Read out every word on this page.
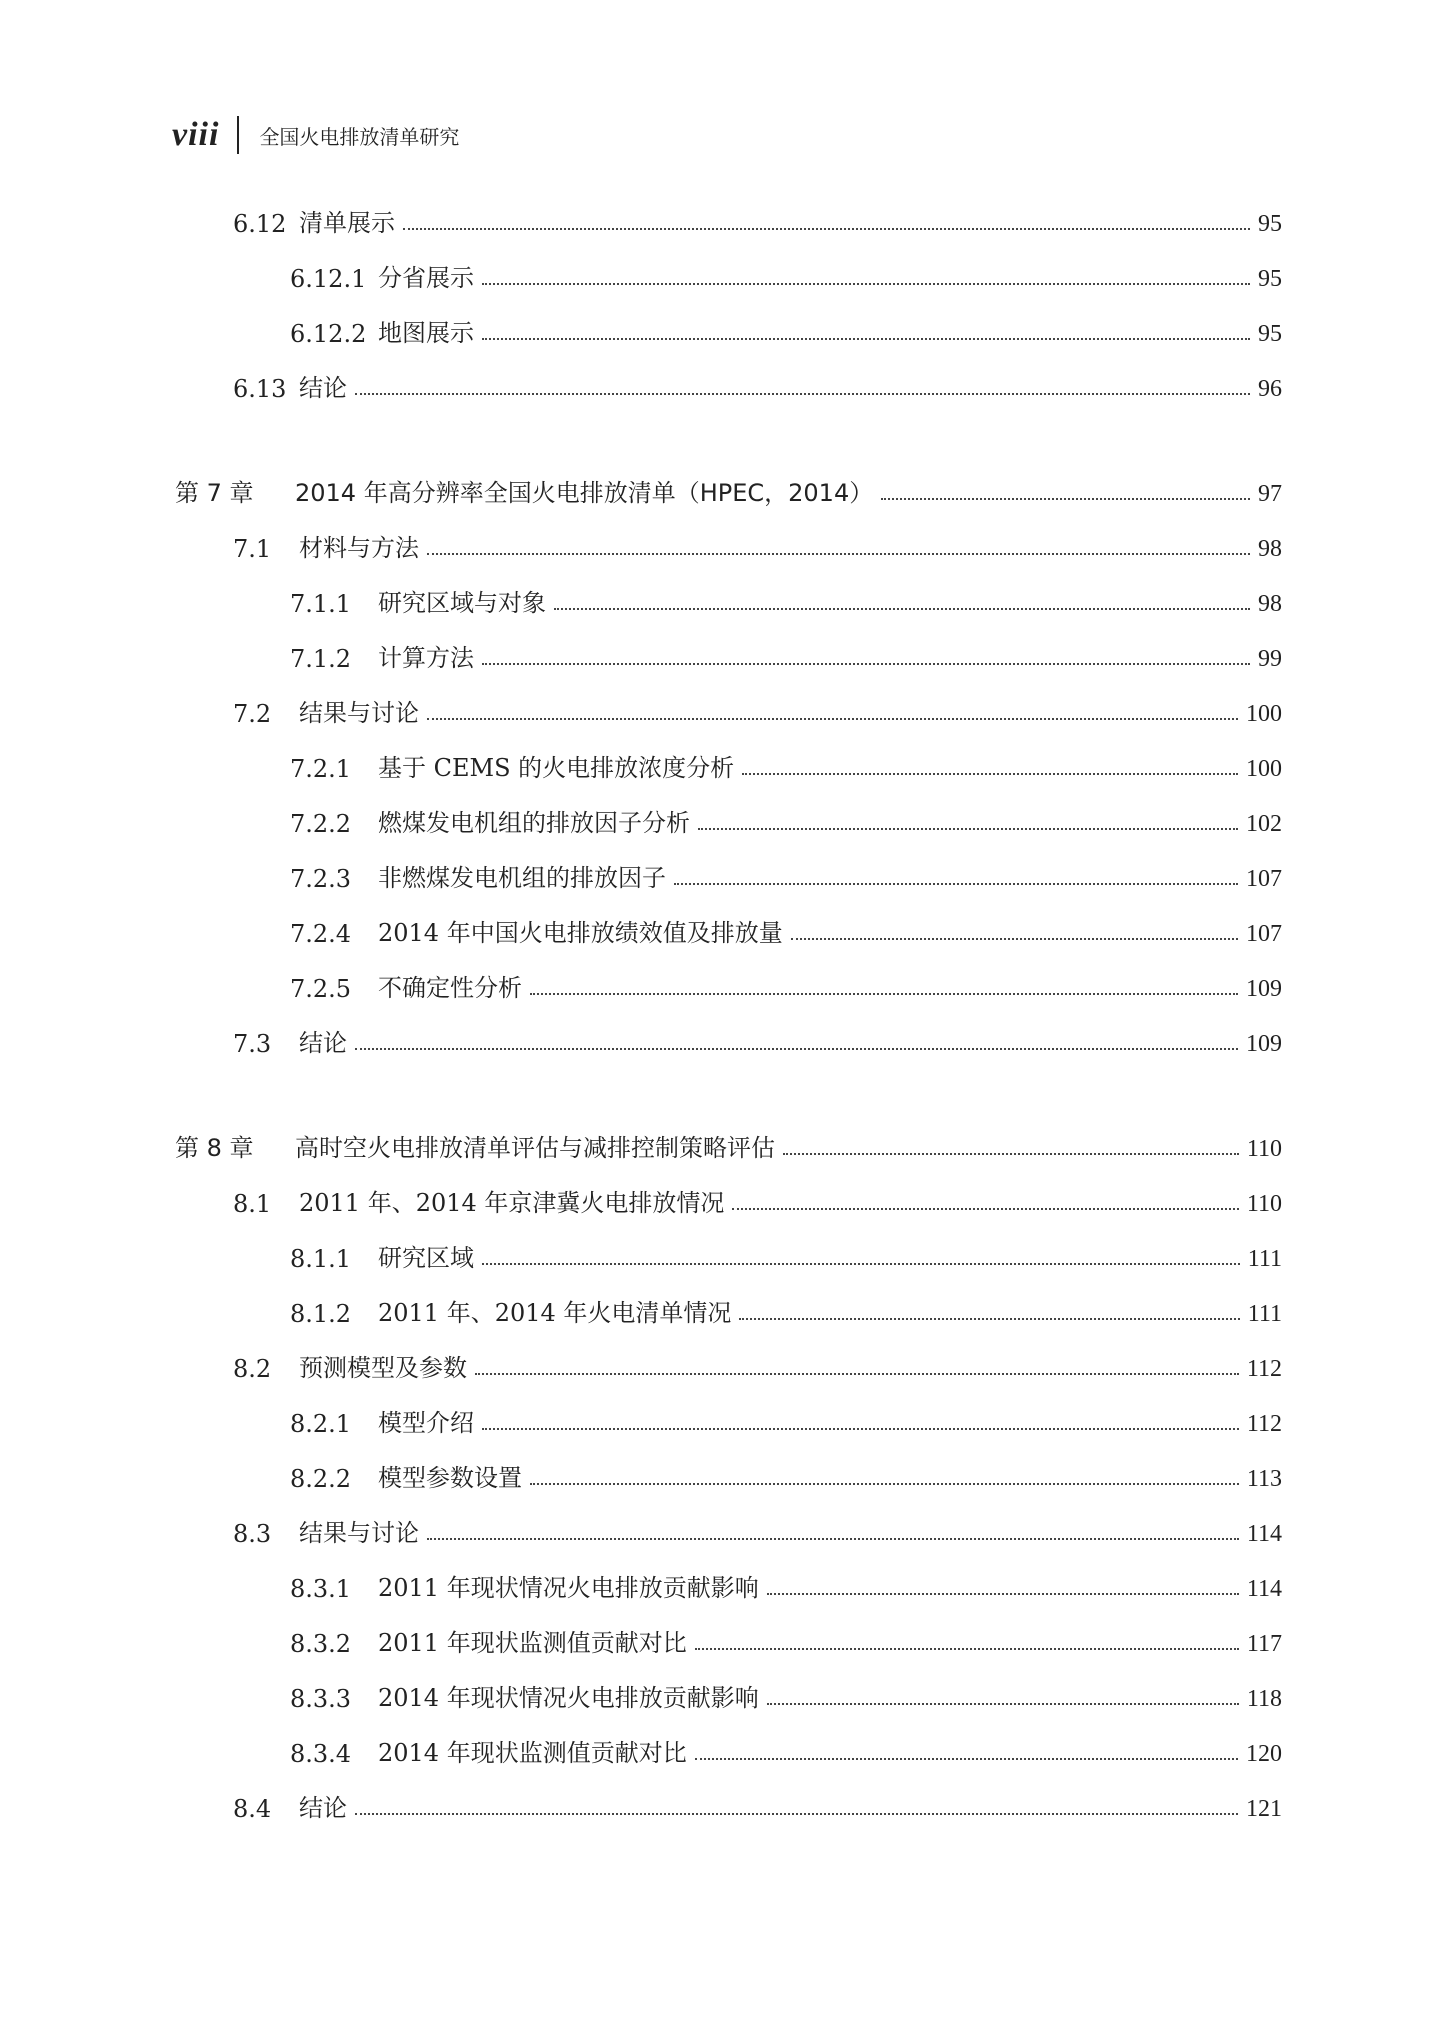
viii 全国火电排放清单研究
6.12 清单展示	95
6.12.1 分省展示	95
6.12.2 地图展示	95
6.13 结论	96
第 7 章	2014 年高分辨率全国火电排放清单（HPEC，2014）	97
7.1	材料与方法	98
7.1.1	研究区域与对象	98
7.1.2	计算方法	99
7.2	结果与讨论	100
7.2.1	基于 CEMS 的火电排放浓度分析	100
7.2.2	燃煤发电机组的排放因子分析	102
7.2.3	非燃煤发电机组的排放因子	107
7.2.4	2014 年中国火电排放绩效值及排放量	107
7.2.5	不确定性分析	109
7.3	结论	109
第 8 章	高时空火电排放清单评估与减排控制策略评估	110
8.1	2011 年、2014 年京津冀火电排放情况	110
8.1.1	研究区域	111
8.1.2	2011 年、2014 年火电清单情况	111
8.2	预测模型及参数	112
8.2.1	模型介绍	112
8.2.2	模型参数设置	113
8.3	结果与讨论	114
8.3.1	2011 年现状情况火电排放贡献影响	114
8.3.2	2011 年现状监测值贡献对比	117
8.3.3	2014 年现状情况火电排放贡献影响	118
8.3.4	2014 年现状监测值贡献对比	120
8.4	结论	121
